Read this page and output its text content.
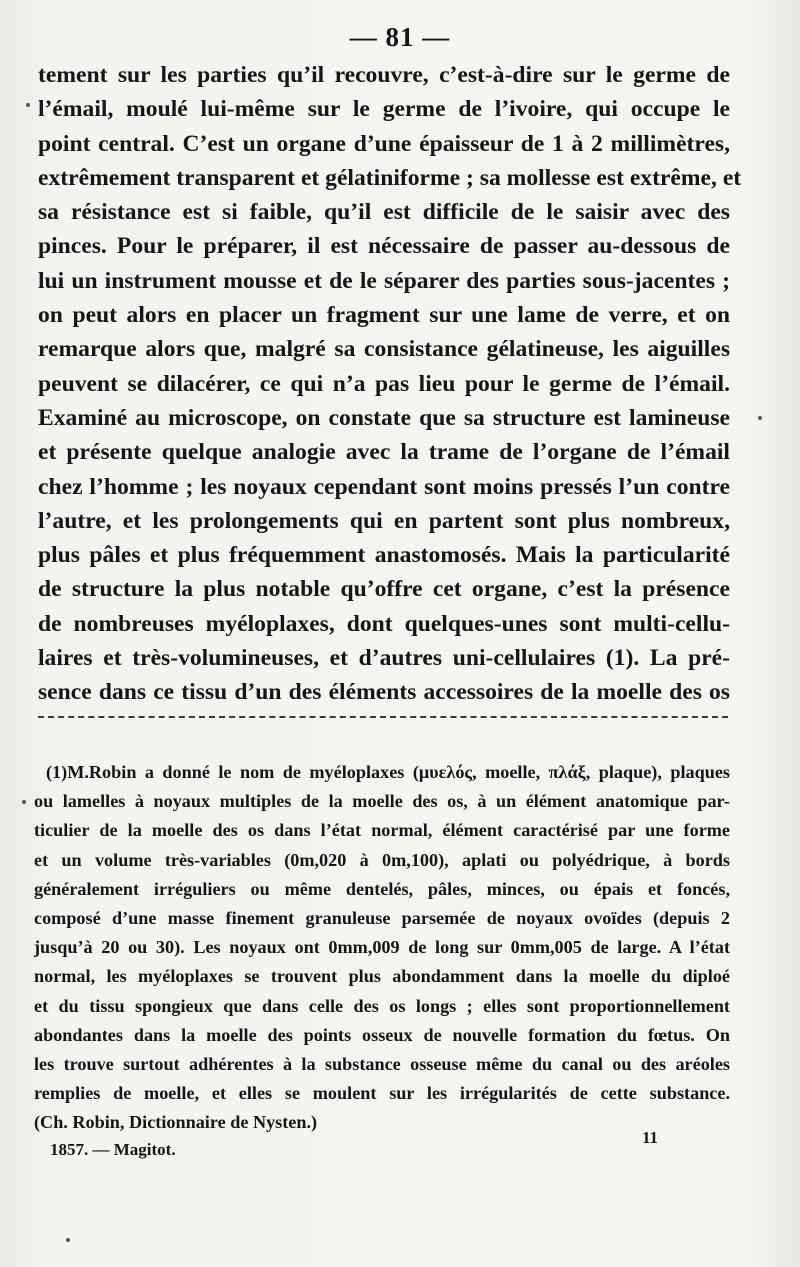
— 81 —
tement sur les parties qu’il recouvre, c’est-à-dire sur le germe de
l’émail, moulé lui-même sur le germe de l’ivoire, qui occupe le
point central. C’est un organe d’une épaisseur de 1 à 2 millimètres,
extrêmement transparent et gélatiniforme ; sa mollesse est extrême, et
sa résistance est si faible, qu’il est difficile de le saisir avec des
pinces. Pour le préparer, il est nécessaire de passer au-dessous de
lui un instrument mousse et de le séparer des parties sous-jacentes ;
on peut alors en placer un fragment sur une lame de verre, et on
remarque alors que, malgré sa consistance gélatineuse, les aiguilles
peuvent se dilacérer, ce qui n’a pas lieu pour le germe de l’émail.
Examiné au microscope, on constate que sa structure est lamineuse
et présente quelque analogie avec la trame de l’organe de l’émail
chez l’homme ; les noyaux cependant sont moins pressés l’un contre
l’autre, et les prolongements qui en partent sont plus nombreux,
plus pâles et plus fréquemment anastomosés. Mais la particularité
de structure la plus notable qu’offre cet organe, c’est la présence
de nombreuses myéloplaxes, dont quelques-unes sont multi-cellu-
laires et très-volumineuses, et d’autres uni-cellulaires (1). La pré-
sence dans ce tissu d’un des éléments accessoires de la moelle des os
(1)M.Robin a donné le nom de myéloplaxes (μυελός, moelle, πλάξ, plaque), plaques
ou lamelles à noyaux multiples de la moelle des os, à un élément anatomique par-
ticulier de la moelle des os dans l’état normal, élément caractérisé par une forme
et un volume très-variables (0m,020 à 0m,100), aplati ou polyédrique, à bords
généralement irréguliers ou même dentelés, pâles, minces, ou épais et foncés,
composé d’une masse finement granuleuse parsemée de noyaux ovoïdes (depuis 2
jusqu’à 20 ou 30). Les noyaux ont 0mm,009 de long sur 0mm,005 de large. A l’état
normal, les myéloplaxes se trouvent plus abondamment dans la moelle du diploé
et du tissu spongieux que dans celle des os longs ; elles sont proportionnellement
abondantes dans la moelle des points osseux de nouvelle formation du fœtus. On
les trouve surtout adhérentes à la substance osseuse même du canal ou des aréoles
remplies de moelle, et elles se moulent sur les irrégularités de cette substance.
(Ch. Robin, Dictionnaire de Nysten.)
1857. — Magitot.
11
